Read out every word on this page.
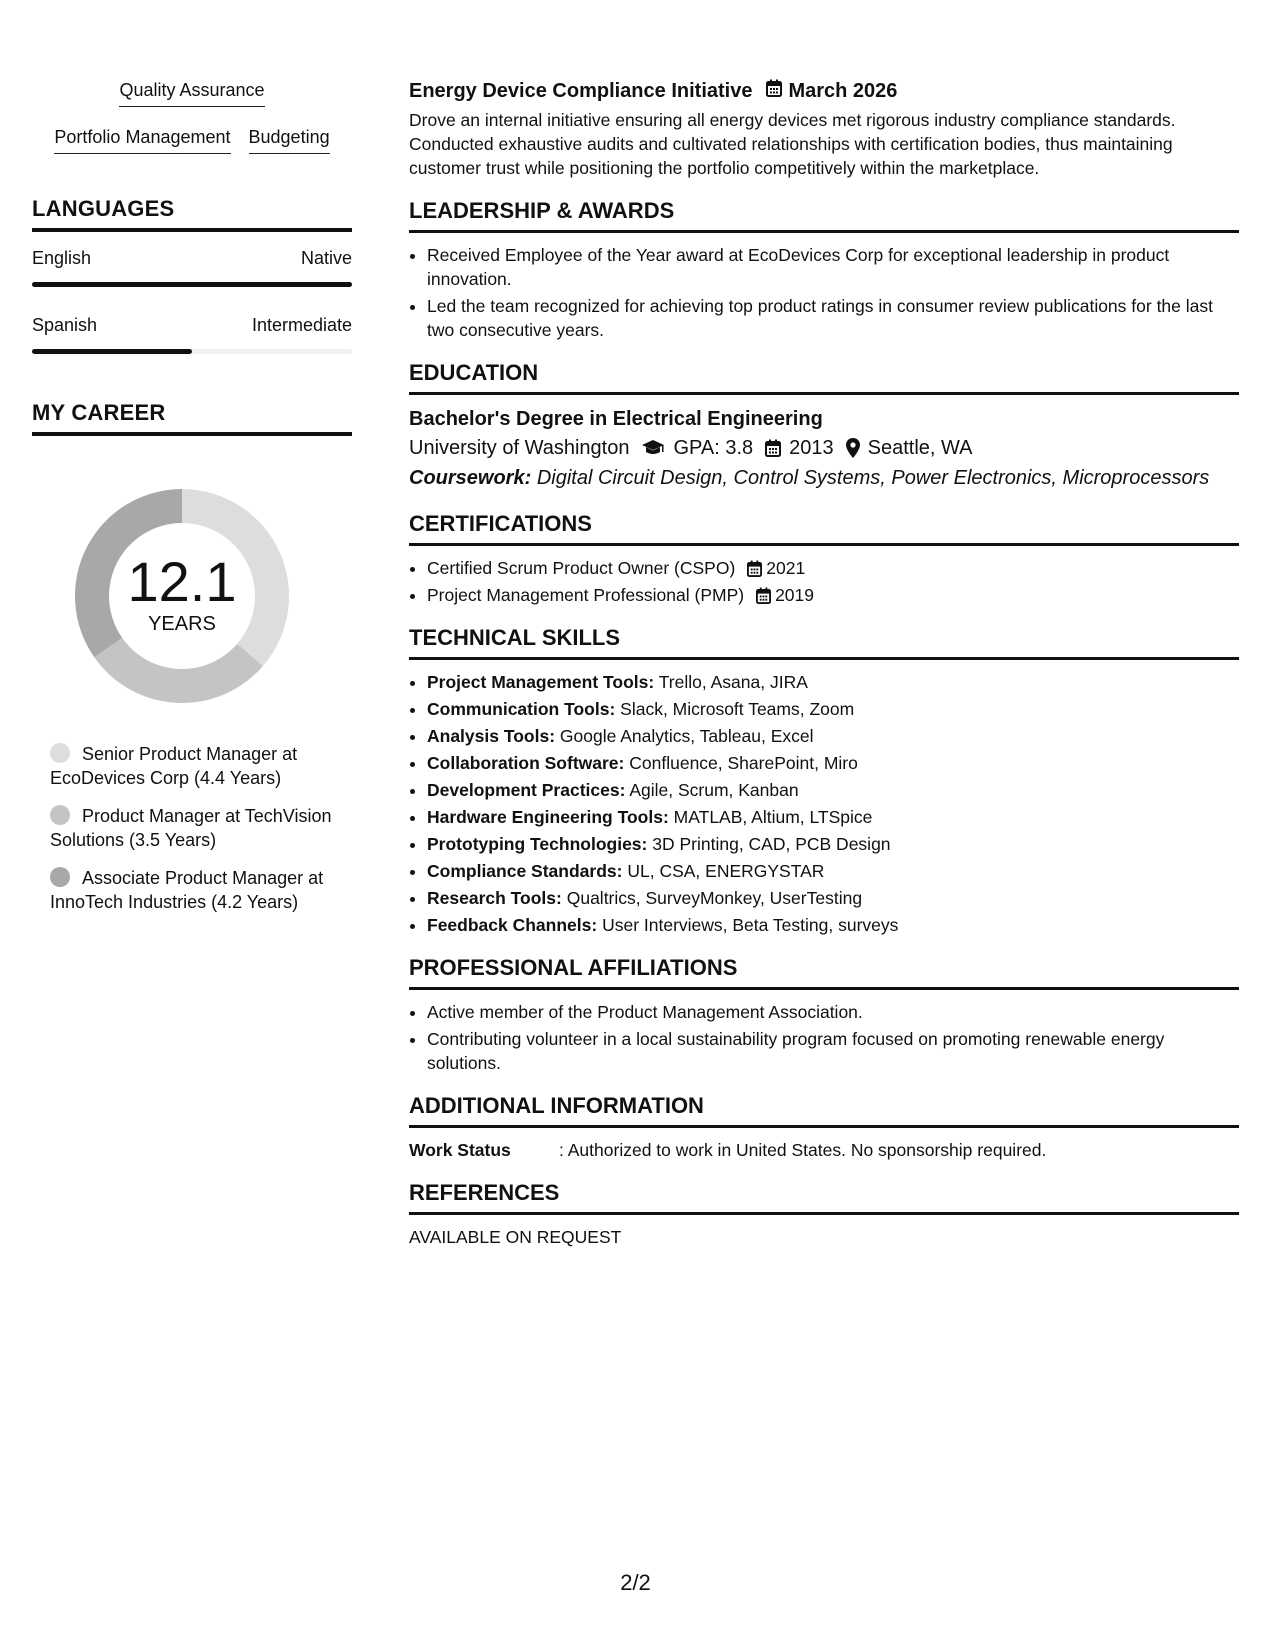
Quality Assurance
Portfolio Management Budgeting
LANGUAGES
English	Native
Spanish	Intermediate
MY CAREER
12.1
YEARS
Senior Product Manager at EcoDevices Corp (4.4 Years)
Product Manager at TechVision Solutions (3.5 Years)
Associate Product Manager at InnoTech Industries (4.2 Years)
Energy Device Compliance Initiative March 2026
Drove an internal initiative ensuring all energy devices met rigorous industry compliance standards. Conducted exhaustive audits and cultivated relationships with certification bodies, thus maintaining customer trust while positioning the portfolio competitively within the marketplace.
LEADERSHIP & AWARDS
• Received Employee of the Year award at EcoDevices Corp for exceptional leadership in product innovation.
• Led the team recognized for achieving top product ratings in consumer review publications for the last two consecutive years.
EDUCATION
Bachelor's Degree in Electrical Engineering
University of Washington GPA: 3.8 2013 Seattle, WA
Coursework: Digital Circuit Design, Control Systems, Power Electronics, Microprocessors
CERTIFICATIONS
• Certified Scrum Product Owner (CSPO) 2021
• Project Management Professional (PMP) 2019
TECHNICAL SKILLS
• Project Management Tools: Trello, Asana, JIRA
• Communication Tools: Slack, Microsoft Teams, Zoom
• Analysis Tools: Google Analytics, Tableau, Excel
• Collaboration Software: Confluence, SharePoint, Miro
• Development Practices: Agile, Scrum, Kanban
• Hardware Engineering Tools: MATLAB, Altium, LTSpice
• Prototyping Technologies: 3D Printing, CAD, PCB Design
• Compliance Standards: UL, CSA, ENERGYSTAR
• Research Tools: Qualtrics, SurveyMonkey, UserTesting
• Feedback Channels: User Interviews, Beta Testing, surveys
PROFESSIONAL AFFILIATIONS
• Active member of the Product Management Association.
• Contributing volunteer in a local sustainability program focused on promoting renewable energy solutions.
ADDITIONAL INFORMATION
Work Status	: Authorized to work in United States. No sponsorship required.
REFERENCES
AVAILABLE ON REQUEST
2/2
